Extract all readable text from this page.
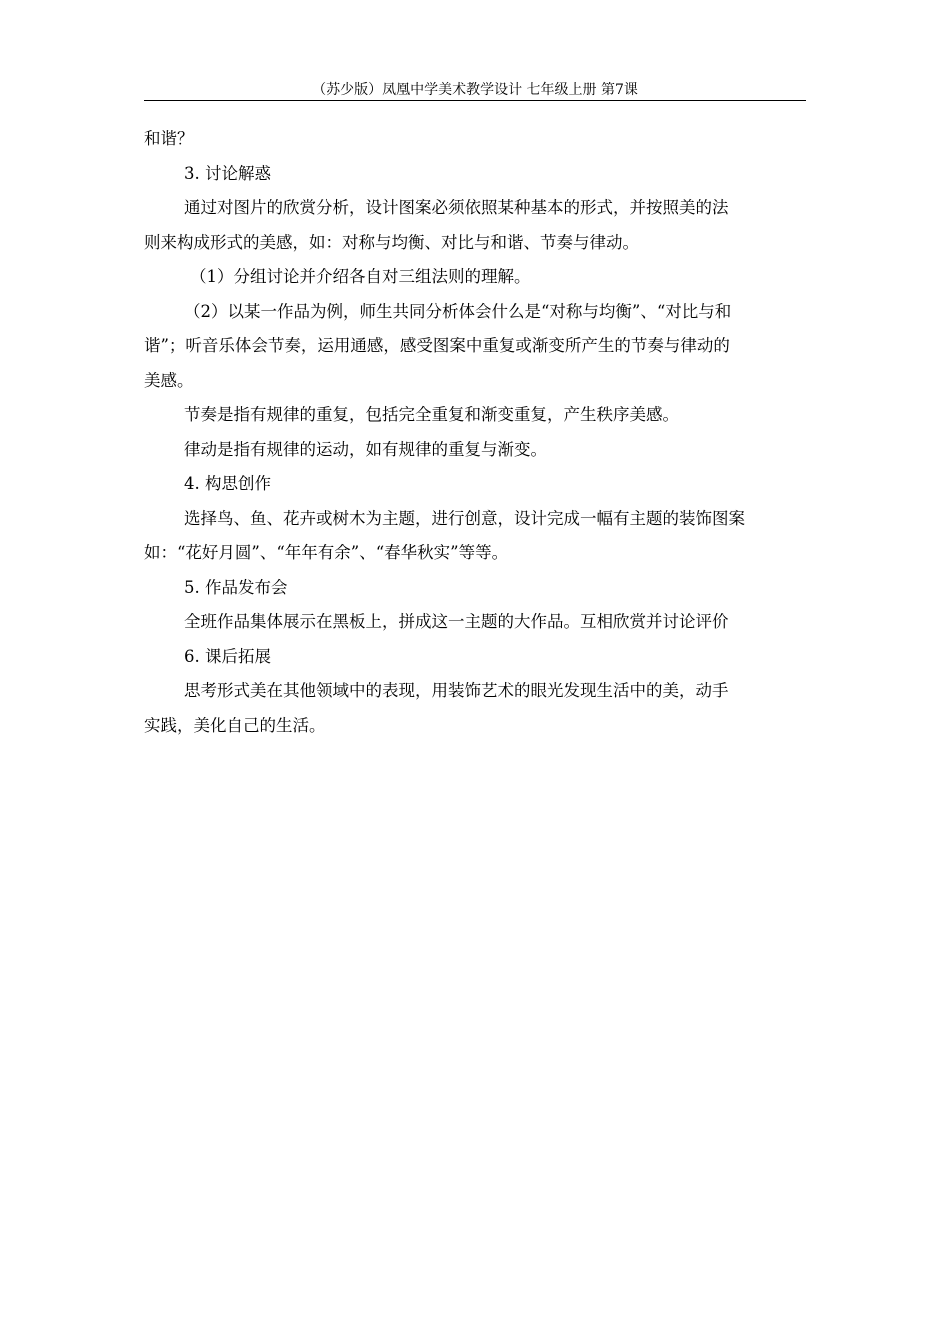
（苏少版）凤凰中学美术教学设计 七年级上册 第7课
和谐？
3. 讨论解惑
通过对图片的欣赏分析，设计图案必须依照某种基本的形式，并按照美的法
则来构成形式的美感，如：对称与均衡、对比与和谐、节奏与律动。
（1）分组讨论并介绍各自对三组法则的理解。
（2）以某一作品为例，师生共同分析体会什么是“对称与均衡”、“对比与和
谐”；听音乐体会节奏，运用通感，感受图案中重复或渐变所产生的节奏与律动的
美感。
节奏是指有规律的重复，包括完全重复和渐变重复，产生秩序美感。
律动是指有规律的运动，如有规律的重复与渐变。
4. 构思创作
选择鸟、鱼、花卉或树木为主题，进行创意，设计完成一幅有主题的装饰图案
如：“花好月圆”、“年年有余”、“春华秋实”等等。
5. 作品发布会
全班作品集体展示在黑板上，拼成这一主题的大作品。互相欣赏并讨论评价
6. 课后拓展
思考形式美在其他领域中的表现，用装饰艺术的眼光发现生活中的美，动手
实践，美化自己的生活。
